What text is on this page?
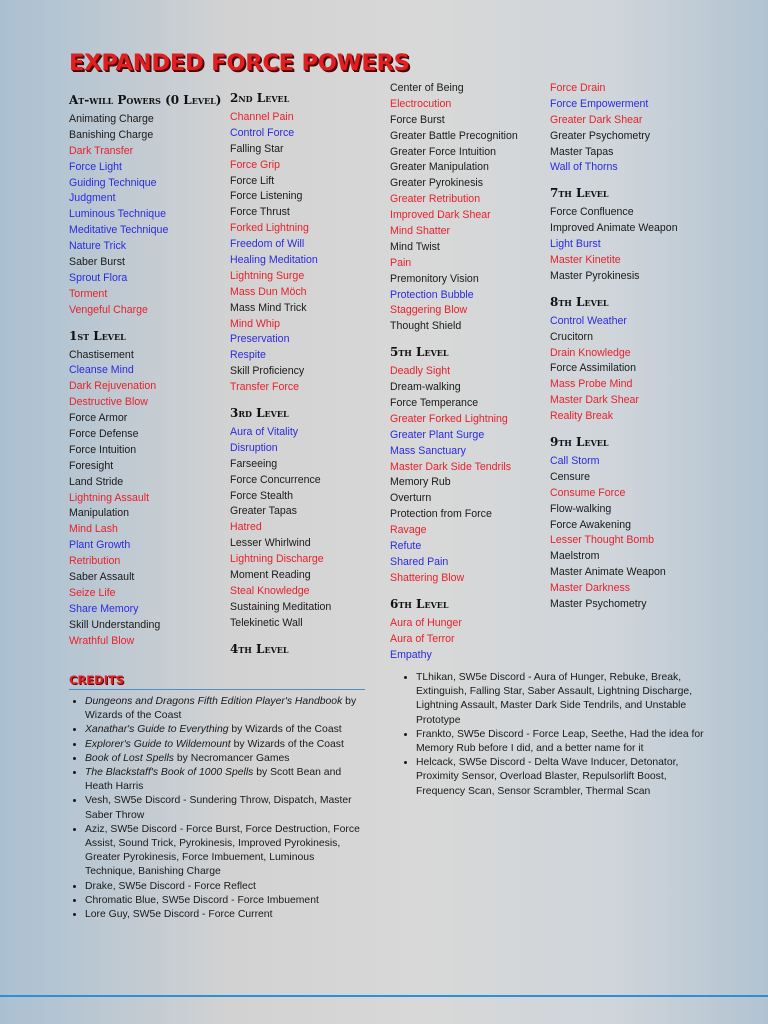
EXPANDED FORCE POWERS
At-will Powers (0 Level)
Animating Charge
Banishing Charge
Dark Transfer
Force Light
Guiding Technique
Judgment
Luminous Technique
Meditative Technique
Nature Trick
Saber Burst
Sprout Flora
Torment
Vengeful Charge
1st Level
Chastisement
Cleanse Mind
Dark Rejuvenation
Destructive Blow
Force Armor
Force Defense
Force Intuition
Foresight
Land Stride
Lightning Assault
Manipulation
Mind Lash
Plant Growth
Retribution
Saber Assault
Seize Life
Share Memory
Skill Understanding
Wrathful Blow
2nd Level
Channel Pain
Control Force
Falling Star
Force Grip
Force Lift
Force Listening
Force Thrust
Forked Lightning
Freedom of Will
Healing Meditation
Lightning Surge
Mass Dun Möch
Mass Mind Trick
Mind Whip
Preservation
Respite
Skill Proficiency
Transfer Force
3rd Level
Aura of Vitality
Disruption
Farseeing
Force Concurrence
Force Stealth
Greater Tapas
Hatred
Lesser Whirlwind
Lightning Discharge
Moment Reading
Steal Knowledge
Sustaining Meditation
Telekinetic Wall
4th Level
Center of Being
Electrocution
Force Burst
Greater Battle Precognition
Greater Force Intuition
Greater Manipulation
Greater Pyrokinesis
Greater Retribution
Improved Dark Shear
Mind Shatter
Mind Twist
Pain
Premonitory Vision
Protection Bubble
Staggering Blow
Thought Shield
5th Level
Deadly Sight
Dream-walking
Force Temperance
Greater Forked Lightning
Greater Plant Surge
Mass Sanctuary
Master Dark Side Tendrils
Memory Rub
Overturn
Protection from Force
Ravage
Refute
Shared Pain
Shattering Blow
6th Level
Aura of Hunger
Aura of Terror
Empathy
Force Drain
Force Empowerment
Greater Dark Shear
Greater Psychometry
Master Tapas
Wall of Thorns
7th Level
Force Confluence
Improved Animate Weapon
Light Burst
Master Kinetite
Master Pyrokinesis
8th Level
Control Weather
Crucitorn
Drain Knowledge
Force Assimilation
Mass Probe Mind
Master Dark Shear
Reality Break
9th Level
Call Storm
Censure
Consume Force
Flow-walking
Force Awakening
Lesser Thought Bomb
Maelstrom
Master Animate Weapon
Master Darkness
Master Psychometry
CREDITS
• Dungeons and Dragons Fifth Edition Player's Handbook by Wizards of the Coast
• Xanathar's Guide to Everything by Wizards of the Coast
• Explorer's Guide to Wildemount by Wizards of the Coast
• Book of Lost Spells by Necromancer Games
• The Blackstaff's Book of 1000 Spells by Scott Bean and Heath Harris
• Vesh, SW5e Discord - Sundering Throw, Dispatch, Master Saber Throw
• Aziz, SW5e Discord - Force Burst, Force Destruction, Force Assist, Sound Trick, Pyrokinesis, Improved Pyrokinesis, Greater Pyrokinesis, Force Imbuement, Luminous Technique, Banishing Charge
• Drake, SW5e Discord - Force Reflect
• Chromatic Blue, SW5e Discord - Force Imbuement
• Lore Guy, SW5e Discord - Force Current
• TLhikan, SW5e Discord - Aura of Hunger, Rebuke, Break, Extinguish, Falling Star, Saber Assault, Lightning Discharge, Lightning Assault, Master Dark Side Tendrils, and Unstable Prototype
• Frankto, SW5e Discord - Force Leap, Seethe, Had the idea for Memory Rub before I did, and a better name for it
• Helcack, SW5e Discord - Delta Wave Inducer, Detonator, Proximity Sensor, Overload Blaster, Repulsorlift Boost, Frequency Scan, Sensor Scrambler, Thermal Scan
